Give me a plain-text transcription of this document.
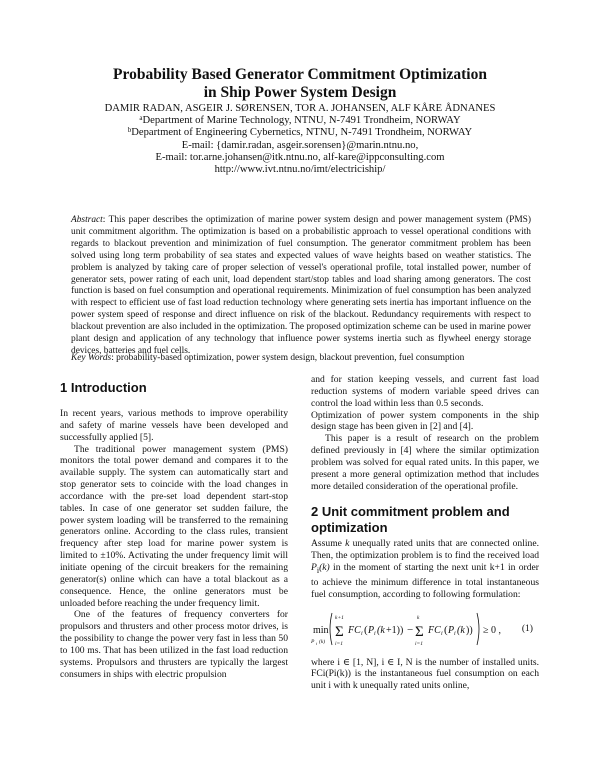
Probability Based Generator Commitment Optimization
in Ship Power System Design
DAMIR RADAN, ASGEIR J. SØRENSEN, TOR A. JOHANSEN, ALF KÅRE ÅDNANES
$^a$Department of Marine Technology, NTNU, N-7491 Trondheim, NORWAY
$^b$Department of Engineering Cybernetics, NTNU, N-7491 Trondheim, NORWAY
E-mail: {damir.radan, asgeir.sorensen}@marin.ntnu.no,
E-mail: tor.arne.johansen@itk.ntnu.no, alf-kare@ippconsulting.com
http://www.ivt.ntnu.no/imt/electriciship/
Abstract: This paper describes the optimization of marine power system design and power management system (PMS) unit commitment algorithm. The optimization is based on a probabilistic approach to vessel operational conditions with regards to blackout prevention and minimization of fuel consumption. The generator commitment problem has been solved using long term probability of sea states and expected values of wave heights based on weather statistics. The problem is analyzed by taking care of proper selection of vessel's operational profile, total installed power, number of generator sets, power rating of each unit, load dependent start/stop tables and load sharing among generators. The cost function is based on fuel consumption and operational requirements. Minimization of fuel consumption has been analyzed with respect to efficient use of fast load reduction technology where generating sets inertia has important influence on the power system speed of response and direct influence on risk of the blackout. Redundancy requirements with respect to blackout prevention are also included in the optimization. The proposed optimization scheme can be used in marine power plant design and application of any technology that influence power systems inertia such as flywheel energy storage devices, batteries and fuel cells.
Key Words: probability-based optimization, power system design, blackout prevention, fuel consumption
1 Introduction

In recent years, various methods to improve operability and safety of marine vessels have been developed and successfully applied [5].

The traditional power management system (PMS) monitors the total power demand and compares it to the available supply. The system can automatically start and stop generator sets to coincide with the load changes in accordance with the pre-set load dependent start-stop tables. In case of one generator set sudden failure, the power system loading will be transferred to the remaining generators online. According to the class rules, transient frequency after step load for marine power system is limited to ±10%. Activating the under frequency limit will initiate opening of the circuit breakers for the remaining generator(s) online which can have a total blackout as a consequence. Hence, the online generators must be unloaded before reaching the under frequency limit.

One of the features of frequency converters for propulsors and thrusters and other process motor drives, is the possibility to change the power very fast in less than 50 to 100 ms. That has been utilized in the fast load reduction systems. Propulsors and thrusters are typically the largest consumers in ships with electric propulsion

and for station keeping vessels, and current fast load reduction systems of modern variable speed drives can control the load within less than 0.5 seconds.

Optimization of power system components in the ship design stage has been given in [2] and [4].

This paper is a result of research on the problem defined previously in [4] where the similar optimization problem was solved for equal rated units. In this paper, we present a more general optimization method that includes more detailed consideration of the operational profile.

2 Unit commitment problem and optimization

Assume k unequally rated units that are connected online. Then, the optimization problem is to find the received load $P_i(k)$ in the moment of starting the next unit k+1 in order to achieve the minimum difference in total instantaneous fuel consumption, according to following formulation:

min
P i (k)
Σ
k+1
i=1
FC i ( P i (k +1)) − Σ
k
i=1
FC i ( P i (k )) ≥ 0 , (1)

where i ∈ [1, N], i ∈ I, N is the number of installed units. FCi(Pi(k)) is the instantaneous fuel consumption on each unit i with k unequally rated units online,
